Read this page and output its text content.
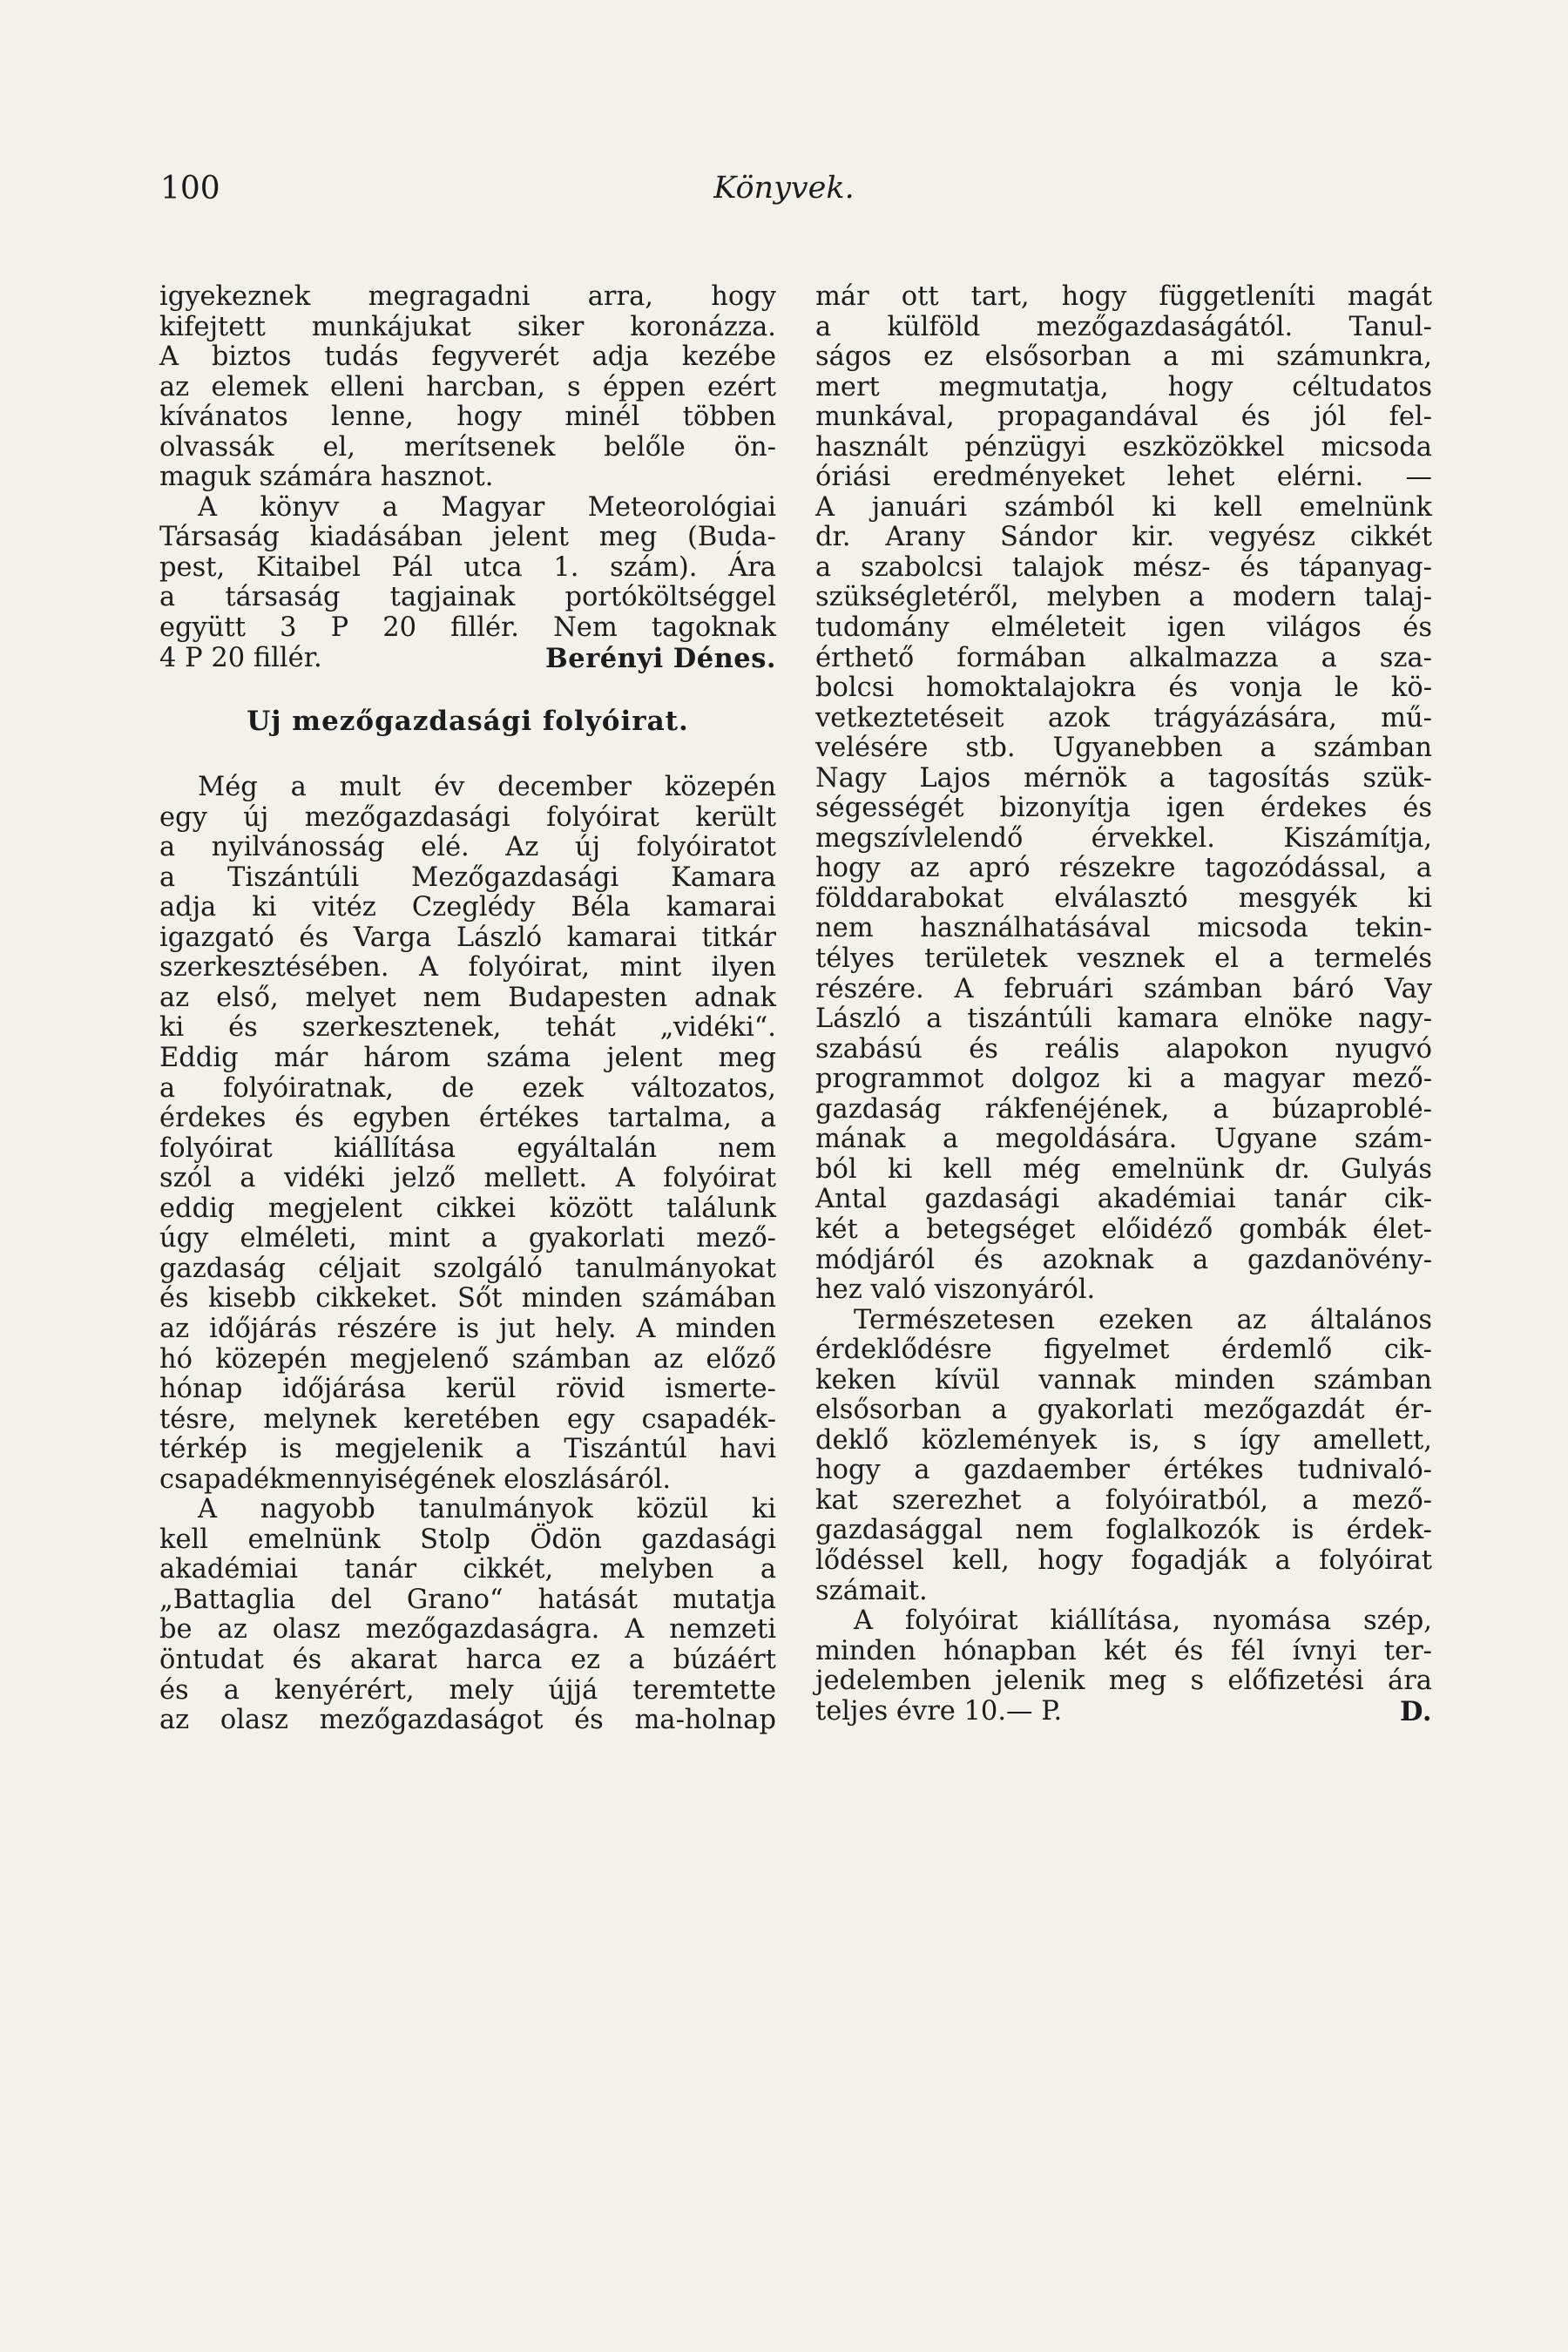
100	Könyvek.
igyekeznek megragadni arra, hogy
kifejtett munkájukat siker koronázza.
A biztos tudás fegyverét adja kezébe
az elemek elleni harcban, s éppen ezért
kívánatos lenne, hogy minél többen
olvassák el, merítsenek belőle ön-
maguk számára hasznot.
A könyv a Magyar Meteorológiai
Társaság kiadásában jelent meg (Buda-
pest, Kitaibel Pál utca 1. szám). Ára
a társaság tagjainak portóköltséggel
együtt 3 P 20 fillér. Nem tagoknak
4 P 20 fillér.	Berényi Dénes.
Uj mezőgazdasági folyóirat.
Még a mult év december közepén
egy új mezőgazdasági folyóirat került
a nyilvánosság elé. Az új folyóiratot
a Tiszántúli Mezőgazdasági Kamara
adja ki vitéz Czeglédy Béla kamarai
igazgató és Varga László kamarai titkár
szerkesztésében. A folyóirat, mint ilyen
az első, melyet nem Budapesten adnak
ki és szerkesztenek, tehát „vidéki“.
Eddig már három száma jelent meg
a folyóiratnak, de ezek változatos,
érdekes és egyben értékes tartalma, a
folyóirat kiállítása egyáltalán nem
szól a vidéki jelző mellett. A folyóirat
eddig megjelent cikkei között találunk
úgy elméleti, mint a gyakorlati mező-
gazdaság céljait szolgáló tanulmányokat
és kisebb cikkeket. Sőt minden számában
az időjárás részére is jut hely. A minden
hó közepén megjelenő számban az előző
hónap időjárása kerül rövid ismerte-
tésre, melynek keretében egy csapadék-
térkép is megjelenik a Tiszántúl havi
csapadékmennyiségének eloszlásáról.
A nagyobb tanulmányok közül ki
kell emelnünk Stolp Ödön gazdasági
akadémiai tanár cikkét, melyben a
„Battaglia del Grano“ hatását mutatja
be az olasz mezőgazdaságra. A nemzeti
öntudat és akarat harca ez a búzáért
és a kenyérért, mely újjá teremtette
az olasz mezőgazdaságot és ma-holnap
már ott tart, hogy függetleníti magát
a külföld mezőgazdaságától. Tanul-
ságos ez elsősorban a mi számunkra,
mert megmutatja, hogy céltudatos
munkával, propagandával és jól fel-
használt pénzügyi eszközökkel micsoda
óriási eredményeket lehet elérni. —
A januári számból ki kell emelnünk
dr. Arany Sándor kir. vegyész cikkét
a szabolcsi talajok mész- és tápanyag-
szükségletéről, melyben a modern talaj-
tudomány elméleteit igen világos és
érthető formában alkalmazza a sza-
bolcsi homoktalajokra és vonja le kö-
vetkeztetéseit azok trágyázására, mű-
velésére stb. Ugyanebben a számban
Nagy Lajos mérnök a tagosítás szük-
ségességét bizonyítja igen érdekes és
megszívlelendő érvekkel. Kiszámítja,
hogy az apró részekre tagozódással, a
földdarabokat elválasztó mesgyék ki
nem használhatásával micsoda tekin-
télyes területek vesznek el a termelés
részére. A februári számban báró Vay
László a tiszántúli kamara elnöke nagy-
szabású és reális alapokon nyugvó
programmot dolgoz ki a magyar mező-
gazdaság rákfenéjének, a búzaproblé-
mának a megoldására. Ugyane szám-
ból ki kell még emelnünk dr. Gulyás
Antal gazdasági akadémiai tanár cik-
két a betegséget előidéző gombák élet-
módjáról és azoknak a gazdanövény-
hez való viszonyáról.
Természetesen ezeken az általános
érdeklődésre figyelmet érdemlő cik-
keken kívül vannak minden számban
elsősorban a gyakorlati mezőgazdát ér-
deklő közlemények is, s így amellett,
hogy a gazdaember értékes tudnivaló-
kat szerezhet a folyóiratból, a mező-
gazdasággal nem foglalkozók is érdek-
lődéssel kell, hogy fogadják a folyóirat
számait.
A folyóirat kiállítása, nyomása szép,
minden hónapban két és fél ívnyi ter-
jedelemben jelenik meg s előfizetési ára
teljes évre 10.— P.	D.
